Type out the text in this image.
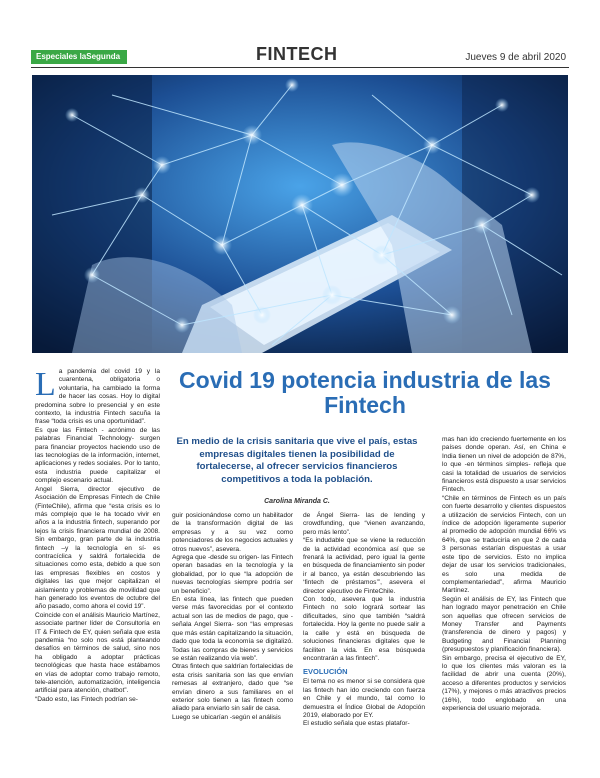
Especiales laSegunda	FINTECH	Jueves 9 de abril 2020
L a pandemia del covid 19 y la cuarentena, obligatoria o voluntaria, ha cambiado la forma de hacer las cosas. Hoy lo digital predomina sobre lo presencial y en este contexto, la industria Fintech sacuña la frase “toda crisis es una oportunidad”.

Es que las Fintech - acrónimo de las palabras Financial Technology- surgen para financiar proyectos haciendo uso de las tecnologías de la información, internet, aplicaciones y redes sociales. Por lo tanto, esta industria puede capitalizar el complejo escenario actual.

Angel Sierra, director ejecutivo de Asociación de Empresas Fintech de Chile (FinteChile), afirma que “esta crisis es lo más complejo que le ha tocado vivir en años a la industria fintech, superando por lejos la crisis financiera mundial de 2008. Sin embargo, gran parte de la industria fintech –y la tecnología en sí- es contracíclica y saldrá fortalecida de situaciones como esta, debido a que son las empresas flexibles en costos y digitales las que mejor capitalizan el aislamiento y problemas de movilidad que han generado los eventos de octubre del año pasado, como ahora el covid 19”.

Coincide con el análisis Mauricio Martínez, associate partner líder de Consultoría en IT & Fintech de EY, quien señala que esta pandemia “no solo nos está planteando desafíos en términos de salud, sino nos ha obligado a adoptar prácticas tecnológicas que hasta hace estábamos en vías de adoptar como trabajo remoto, tele-atención, automatización, inteligencia artificial para atención, chatbot”.

“Dado esto, las Fintech podrían se-

Covid 19 potencia industria de las Fintech
En medio de la crisis sanitaria que vive el país, estas empresas digitales tienen la posibilidad de fortalecerse, al ofrecer servicios financieros competitivos a toda la población.
Carolina Miranda C.

guir posicionándose como un habilitador de la transformación digital de las empresas y a su vez como potenciadores de los negocios actuales y otros nuevos”, asevera.

Agrega que -desde su origen- las Fintech operan basadas en la tecnología y la globalidad, por lo que “la adopción de nuevas tecnologías siempre podría ser un beneficio”.

En esta línea, las fintech que pueden verse más favorecidas por el contexto actual son las de medios de pago, que -señala Angel Sierra- son “las empresas que más están capitalizando la situación, dado que toda la economía se digitalizó. Todas las compras de bienes y servicios se están realizando vía web”.

Otras fintech que saldrían fortalecidas de esta crisis sanitaria son las que envían remesas al extranjero, dado que “se envían dinero a sus familiares en el exterior solo tienen a las fintech como aliado para enviarlo sin salir de casa.

Luego se ubicarían -según el análisis

de Ángel Sierra- las de lending y crowdfunding, que “vienen avanzando, pero más lento”.

“Es indudable que se viene la reducción de la actividad económica así que se frenará la actividad, pero igual la gente en búsqueda de financiamiento sin poder ir al banco, ya están descubriendo las ‘fintech de préstamos’”, asevera el director ejecutivo de FinteChile.

Con todo, asevera que la industria Fintech no solo logrará sortear las dificultades, sino que también “saldrá fortalecida. Hoy la gente no puede salir a la calle y está en búsqueda de soluciones financieras digitales que le faciliten la vida. En esa búsqueda encontrarán a las fintech”.

EVOLUCIÓN

El tema no es menor si se considera que las fintech han ido creciendo con fuerza en Chile y el mundo, tal como lo demuestra el Índice Global de Adopción 2019, elaborado por EY.

El estudio señala que estas platafor-

mas han ido creciendo fuertemente en los países donde operan. Así, en China e India tienen un nivel de adopción de 87%, lo que -en términos simples- refleja que casi la totalidad de usuarios de servicios financieros está dispuesto a usar servicios Fintech.

“Chile en términos de Fintech es un país con fuerte desarrollo y clientes dispuestos a utilización de servicios Fintech, con un índice de adopción ligeramente superior al promedio de adopción mundial 66% vs 64%, que se traduciría en que 2 de cada 3 personas estarían dispuestas a usar este tipo de servicios. Esto no implica dejar de usar los servicios tradicionales, es solo una medida de complementariedad”, afirma Mauricio Martínez.

Según el análisis de EY, las Fintech que han logrado mayor penetración en Chile son aquellas que ofrecen servicios de Money Transfer and Payments (transferencia de dinero y pagos) y Budgeting and Financial Planning (presupuestos y planificación financiera).

Sin embargo, precisa el ejecutivo de EY, lo que los clientes más valoran es la facilidad de abrir una cuenta (20%), acceso a diferentes productos y servicios (17%), y mejores o más atractivos precios (16%), todo englobado en una experiencia del usuario mejorada.
